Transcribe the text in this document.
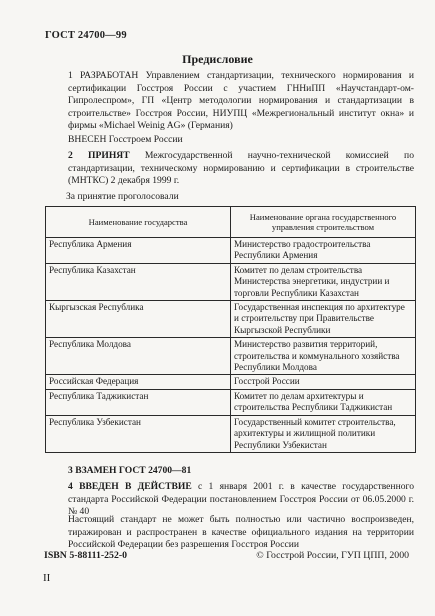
ГОСТ 24700—99
Предисловие
1 РАЗРАБОТАН Управлением стандартизации, технического нормирования и сертификации Госстроя России с участием ГННиПП «Научстандарт-ом-Гипролеспром», ГП «Центр методологии нормирования и стандартизации в строительстве» Госстроя России, НИУПЦ «Межрегиональный институт окна» и фирмы «Michael Weinig AG» (Германия)
ВНЕСЕН Госстроем России
2 ПРИНЯТ Межгосударственной научно-технической комиссией по стандартизации, техническому нормированию и сертификации в строительстве (МНТКС) 2 декабря 1999 г.
За принятие проголосовали
Наименование государства	Наименование органа государственного управления строительством
Республика Армения	Министерство градостроительства Республики Армения
Республика Казахстан	Комитет по делам строительства Министерства энергетики, индустрии и торговли Республики Казахстан
Кыргызская Республика	Государственная инспекция по архитектуре и строительству при Правительстве Кыргызской Республики
Республика Молдова	Министерство развития территорий, строительства и коммунального хозяйства Республики Молдова
Российская Федерация	Госстрой России
Республика Таджикистан	Комитет по делам архитектуры и строительства Республики Таджикистан
Республика Узбекистан	Государственный комитет строительства, архитектуры и жилищной политики Республики Узбекистан
3 ВЗАМЕН ГОСТ 24700—81
4 ВВЕДЕН В ДЕЙСТВИЕ с 1 января 2001 г. в качестве государственного стандарта Российской Федерации постановлением Госстроя России от 06.05.2000 г. № 40
Настоящий стандарт не может быть полностью или частично воспроизведен, тиражирован и распространен в качестве официального издания на территории Российской Федерации без разрешения Госстроя России
ISBN 5-88111-252-0	© Госстрой России, ГУП ЦПП, 2000
II
